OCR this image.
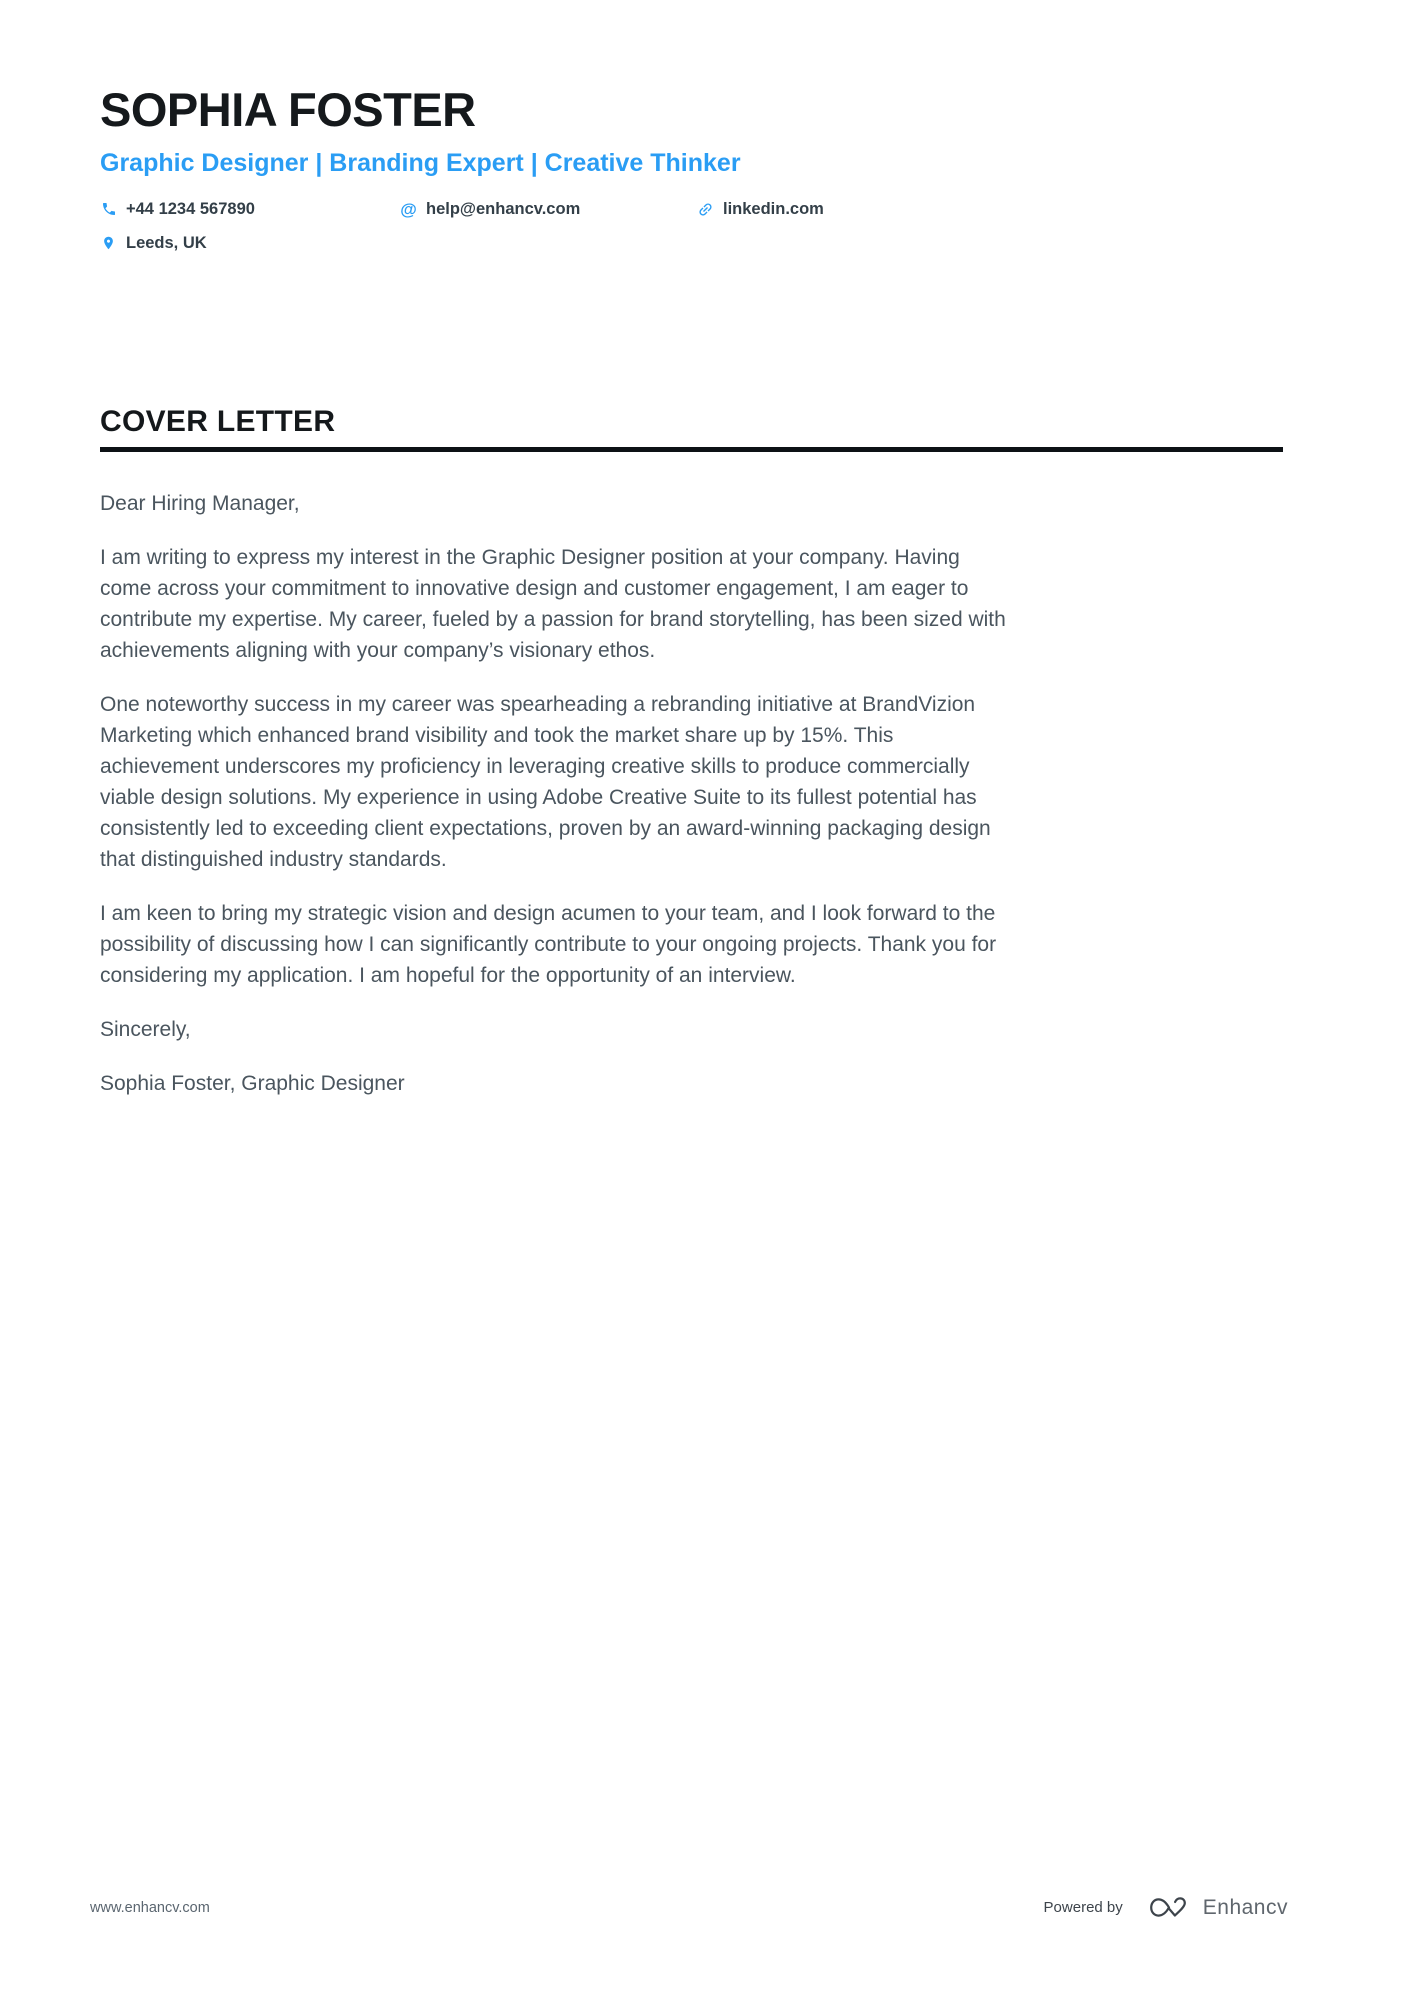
SOPHIA FOSTER
Graphic Designer | Branding Expert | Creative Thinker
+44 1234 567890	@ help@enhancv.com	linkedin.com
Leeds, UK
COVER LETTER

Dear Hiring Manager,

I am writing to express my interest in the Graphic Designer position at your company. Having come across your commitment to innovative design and customer engagement, I am eager to contribute my expertise. My career, fueled by a passion for brand storytelling, has been sized with achievements aligning with your company’s visionary ethos.

One noteworthy success in my career was spearheading a rebranding initiative at BrandVizion Marketing which enhanced brand visibility and took the market share up by 15%. This achievement underscores my proficiency in leveraging creative skills to produce commercially viable design solutions. My experience in using Adobe Creative Suite to its fullest potential has consistently led to exceeding client expectations, proven by an award-winning packaging design that distinguished industry standards.

I am keen to bring my strategic vision and design acumen to your team, and I look forward to the possibility of discussing how I can significantly contribute to your ongoing projects. Thank you for considering my application. I am hopeful for the opportunity of an interview.

Sincerely,

Sophia Foster, Graphic Designer

www.enhancv.com	Powered by	Enhancv
